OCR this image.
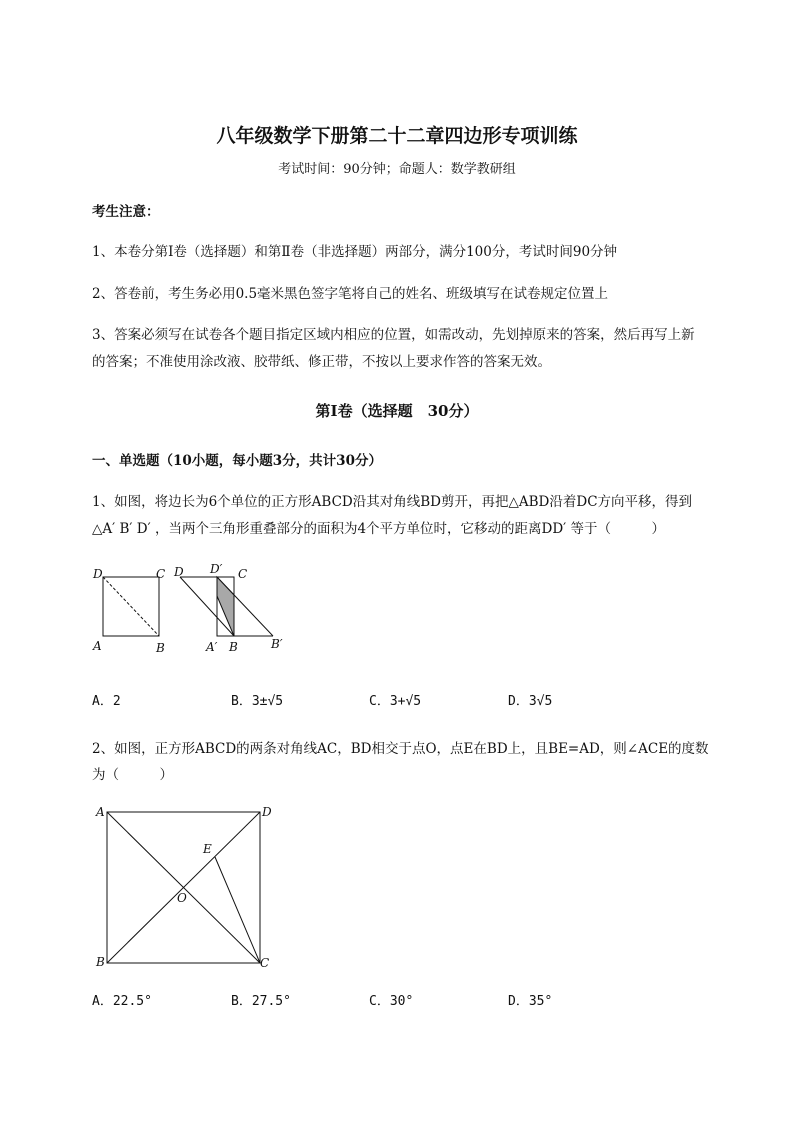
八年级数学下册第二十二章四边形专项训练
考试时间：90分钟；命题人：数学教研组
考生注意：
1、本卷分第I卷（选择题）和第Ⅱ卷（非选择题）两部分，满分100分，考试时间90分钟
2、答卷前，考生务必用0.5毫米黑色签字笔将自己的姓名、班级填写在试卷规定位置上
3、答案必须写在试卷各个题目指定区域内相应的位置，如需改动，先划掉原来的答案，然后再写上新
的答案；不准使用涂改液、胶带纸、修正带，不按以上要求作答的答案无效。
第I卷（选择题　30分）
一、单选题（10小题，每小题3分，共计30分）
1、如图，将边长为6个单位的正方形ABCD沿其对角线BD剪开，再把△ABD沿着DC方向平移，得到
△A′ B′ D′ ，当两个三角形重叠部分的面积为4个平方单位时，它移动的距离DD′ 等于（　　　）
D	C
A	B
D D′ C
A′ B	B′
A．2	B．3±√5	C．3+√5	D．3√5
2、如图，正方形ABCD的两条对角线AC，BD相交于点O，点E在BD上，且BE=AD，则∠ACE的度数
为（　　　）
A	D
B	C
E
O
A．22.5°	B．27.5°	C．30°	D．35°
